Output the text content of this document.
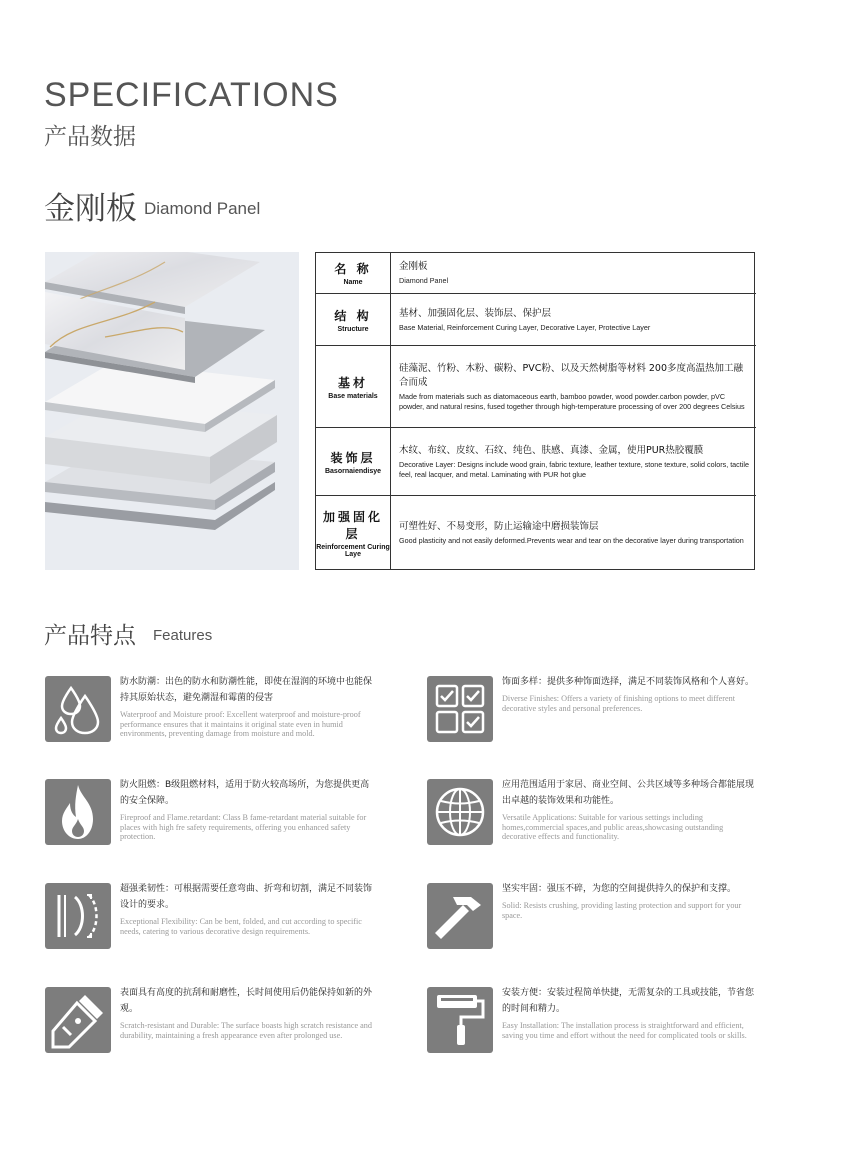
SPECIFICATIONS
产品数据
金刚板 Diamond Panel
名 称
Name
金刚板
Diamond Panel
结 构
Structure
基材、加强固化层、装饰层、保护层
Base Material, Reinforcement Curing Layer, Decorative Layer, Protective Layer
基材
Base materials
硅藻泥、竹粉、木粉、碳粉、PVC粉、以及天然树脂等材料 200多度高温热加工融合而成
Made from materials such as diatomaceous earth, bamboo powder, wood powder.carbon powder, pVC powder, and natural resins, fused together through high-temperature processing of over 200 degrees Celsius
装饰层
Basornaiendisye
木纹、布纹、皮纹、石纹、纯色、肤感、真漆、金属，使用PUR热胶覆膜
Decorative Layer: Designs include wood grain, fabric texture, leather texture, stone texture, solid colors, tactile feel, real lacquer, and metal. Laminating with PUR hot glue
加强固化层
Reinforcement Curing Laye
可塑性好、不易变形，防止运输途中磨损装饰层
Good plasticity and not easily deformed.Prevents wear and tear on the decorative layer during transportation
产品特点 Features
防水防潮：出色的防水和防潮性能，即使在湿润的环境中也能保持其原始状态，避免潮湿和霉菌的侵害
Waterproof and Moisture proof: Excellent waterproof and moisture-proof performance ensures that it maintains it original state even in humid environments, preventing damage from moisture and mold.
饰面多样：提供多种饰面选择，满足不同装饰风格和个人喜好。
Diverse Finishes: Offers a variety of finishing options to meet different decorative styles and personal preferences.
防火阻燃：B级阻燃材料，适用于防火较高场所，为您提供更高的安全保障。
Fireproof and Flame.retardant: Class B fame-retardant material suitable for places with high fre safety requirements, offering you enhanced safety protection.
应用范围适用于家居、商业空间、公共区域等多种场合都能展现出卓越的装饰效果和功能性。
Versatile Applications: Suitable for various settings including homes,commercial spaces,and public areas,showcasing outstanding decorative effects and functionality.
超强柔韧性：可根据需要任意弯曲、折弯和切割，满足不同装饰设计的要求。
Exceptional Flexibility: Can be bent, folded, and cut according to specific needs, catering to various decorative design requirements.
坚实牢固：强压不碎，为您的空间提供持久的保护和支撑。
Solid: Resists crushing, providing lasting protection and support for your space.
表面具有高度的抗刮和耐磨性，长时间使用后仍能保持如新的外观。
Scratch-resistant and Durable: The surface boasts high scratch resistance and durability, maintaining a fresh appearance even after prolonged use.
安装方便：安装过程简单快捷，无需复杂的工具或技能，节省您的时间和精力。
Easy Installation: The installation process is straightforward and efficient, saving you time and effort without the need for complicated tools or skills.
